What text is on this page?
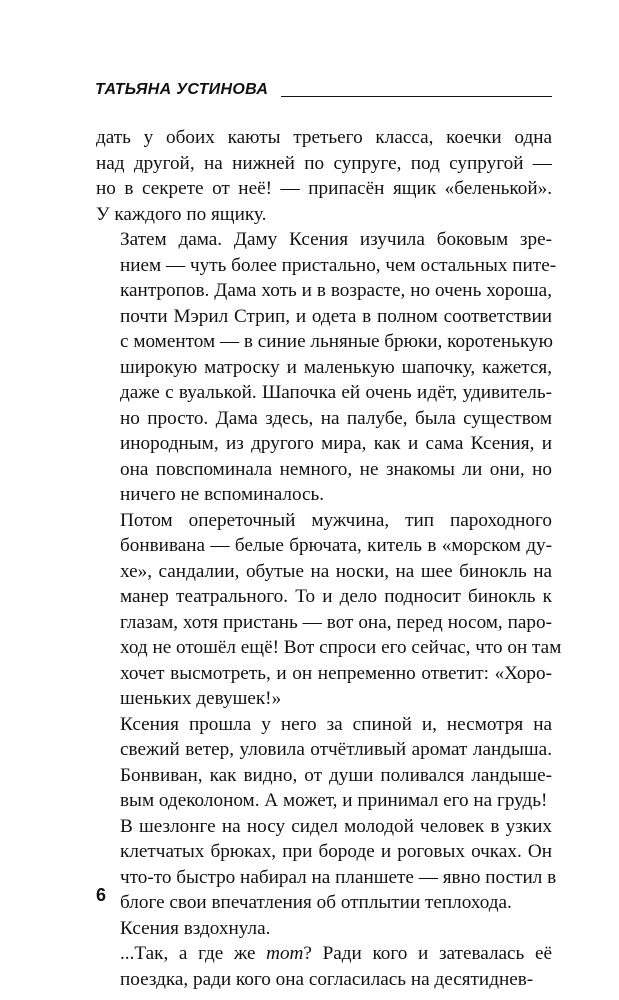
ТАТЬЯНА УСТИНОВА

дать у обоих каюты третьего класса, коечки одна
над другой, на нижней по супруге, под супругой —
но в секрете от неё! — припасён ящик «беленькой».
У каждого по ящику.

Затем дама. Даму Ксения изучила боковым зре-
нием — чуть более пристально, чем остальных пите-
кантропов. Дама хоть и в возрасте, но очень хороша,
почти Мэрил Стрип, и одета в полном соответствии
с моментом — в синие льняные брюки, коротенькую
широкую матроску и маленькую шапочку, кажется,
даже с вуалькой. Шапочка ей очень идёт, удивитель-
но просто. Дама здесь, на палубе, была существом
инородным, из другого мира, как и сама Ксения, и
она повспоминала немного, не знакомы ли они, но
ничего не вспоминалось.

Потом опереточный мужчина, тип пароходного
бонвивана — белые брючата, китель в «морском ду-
хе», сандалии, обутые на носки, на шее бинокль на
манер театрального. То и дело подносит бинокль к
глазам, хотя пристань — вот она, перед носом, паро-
ход не отошёл ещё! Вот спроси его сейчас, что он там
хочет высмотреть, и он непременно ответит: «Хоро-
шеньких девушек!»

Ксения прошла у него за спиной и, несмотря на
свежий ветер, уловила отчётливый аромат ландыша.
Бонвиван, как видно, от души поливался ландыше-
вым одеколоном. А может, и принимал его на грудь!

В шезлонге на носу сидел молодой человек в узких
клетчатых брюках, при бороде и роговых очках. Он
что-то быстро набирал на планшете — явно постил в
блоге свои впечатления об отплытии теплохода.

Ксения вздохнула.

...Так, а где же тот? Ради кого и затевалась её
поездка, ради кого она согласилась на десятиднев-

6
